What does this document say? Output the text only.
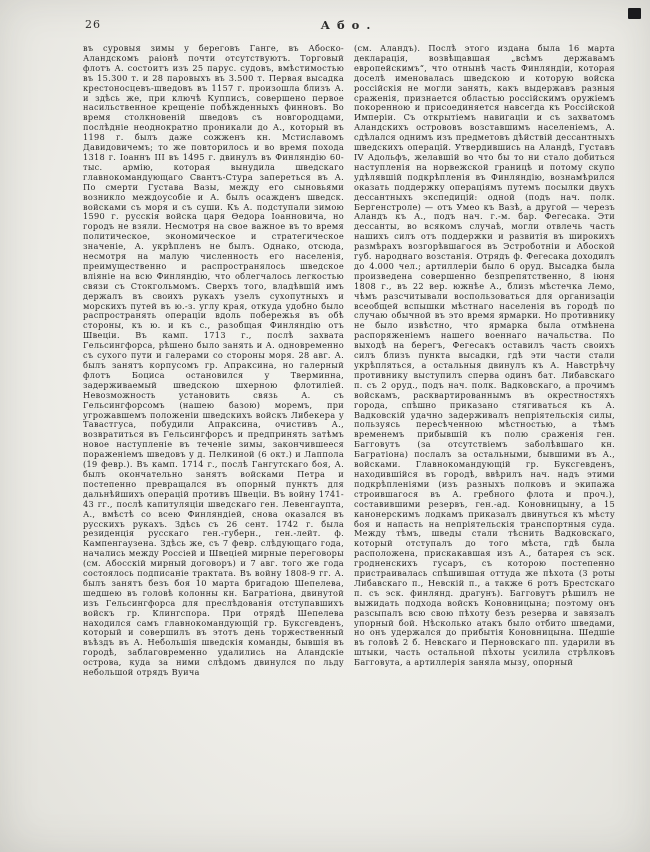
26	Або.
въ суровыя зимы у береговъ Ганге, въ Абоско-Аландскомъ раіонѣ почти отсутствуютъ. Торговый флотъ А. состоитъ изъ 25 парус. судовъ, вмѣстимостью въ 15.300 т. и 28 паровыхъ въ 3.500 т. Первая высадка крестоносцевъ-шведовъ въ 1157 г. произошла близъ А. и здѣсь же, при ключѣ Купписъ, совершено первое насильственное крещеніе побѣжденныхъ финновъ. Во время столкновеній шведовъ съ новгородцами, послѣдніе неоднократно проникали до А., который въ 1198 г. былъ даже сожженъ кн. Мстиславомъ Давидовичемъ; то же повторилось и во время похода 1318 г. Іоаннъ III въ 1495 г. двинулъ въ Финляндію 60-тыс. армію, которая вынудила шведскаго главнокомандующаго Свантъ-Стура запереться въ А. По смерти Густава Вазы, между его сыновьями возникло междоусобіе и А. былъ осажденъ шведск. войсками съ моря и съ суши. Къ А. подступали зимою 1590 г. русскія войска царя Ѳедора Іоанновича, но городъ не взяли. Несмотря на свое важное въ то время политическое, экономическое и стратегическое значеніе, А. укрѣпленъ не былъ. Однако, отсюда, несмотря на малую численность его населенія, преимущественно и распространялось шведское вліяніе на всю Финляндію, что облегчалось легкостью связи съ Стокгольмомъ. Сверхъ того, владѣвшій имъ держалъ въ своихъ рукахъ узелъ сухопутныхъ и морскихъ путей въ ю.-з. углу края, откуда удобно было распространять операціи вдоль побережья въ обѣ стороны, къ ю. и къ с., разобщая Финляндію отъ Швеціи. Въ камп. 1713 г., послѣ захвата Гельсингфорса, рѣшено было занять и А. одновременно съ сухого пути и галерами со стороны моря. 28 авг. А. былъ занятъ корпусомъ гр. Апраксина, но галерный флотъ Боциса остановился у Тверминна, задерживаемый шведскою шхерною флотиліей. Невозможность установить связь А. съ Гельсингфорсомъ (нашею базою) моремъ, при угрожавшемъ положеніи шведскихъ войскъ Либекера у Тавастгуса, побудили Апраксина, очистивъ А., возвратиться въ Гельсингфорсъ и предпринять затѣмъ новое наступленіе въ теченіе зимы, закончившееся пораженіемъ шведовъ у д. Пелкиной (6 окт.) и Лаппола (19 февр.). Въ камп. 1714 г., послѣ Гангутскаго боя, А. былъ окончательно занятъ войсками Петра и постепенно превращался въ опорный пунктъ для дальнѣйшихъ операцій противъ Швеціи. Въ войну 1741-43 гг., послѣ капитуляціи шведскаго ген. Левенгаупта, А., вмѣстѣ со всею Финляндіей, снова оказался въ русскихъ рукахъ. Здѣсь съ 26 сент. 1742 г. была резиденція русскаго ген.-губерн., ген.-лейт. ф. Кампенгаузена. Здѣсь же, съ 7 февр. слѣдующаго года, начались между Россіей и Швеціей мирные переговоры (см. Абосскій мирный договоръ) и 7 авг. того же года состоялось подписаніе трактата. Въ войну 1808-9 гг. А. былъ занятъ безъ боя 10 марта бригадою Шепелева, шедшею въ головѣ колонны кн. Багратіона, двинутой изъ Гельсингфорса для преслѣдованія отступавшихъ войскъ гр. Клингспора. При отрядѣ Шепелева находился самъ главнокомандующій гр. Буксгевденъ, который и совершилъ въ этотъ день торжественный въѣздъ въ А. Небольшія шведскія команды, бывшія въ городѣ, заблаговременно удалились на Аландскіе острова, куда за ними слѣдомъ двинулся по льду небольшой отрядъ Вуича
(см. Аландъ). Послѣ этого издана была 16 марта декларація, возвѣщавшая „всѣмъ державамъ европейскимъ“, что отнынѣ часть Финляндіи, которая доселѣ именовалась шведскою и которую войска россійскія не могли занять, какъ выдержавъ разныя сраженія, признается областью россійскимъ оружіемъ покоренною и присоединяется навсегда къ Россійской Имперіи. Съ открытіемъ навигаціи и съ захватомъ Аландскихъ острововъ возставшимъ населеніемъ, А. сдѣлался однимъ изъ предметовъ дѣйствій дессантныхъ шведскихъ операцій. Утвердившись на Аландѣ, Густавъ IV Адольфъ, желавшій во что бы то ни стало добиться наступленія на норвежской границѣ и потому скупо удѣлявшій подкрѣпленія въ Финляндію, вознамѣрился оказать поддержку операціямъ путемъ посылки двухъ дессантныхъ экспедицій: одной (подъ нач. полк. Бергенстроле) — отъ Умео къ Вазѣ, а другой — черезъ Аландъ къ А., подъ нач. г.-м. бар. Фегесака. Эти дессанты, во всякомъ случаѣ, могли отвлечь часть нашихъ силъ отъ поддержки и развитія въ широкихъ размѣрахъ возгорѣвшагося въ Эстроботніи и Абоской губ. народнаго возстанія. Отрядъ ф. Фегесака доходилъ до 4.000 чел.; артиллеріи было 6 оруд. Высадка была произведена совершенно безпрепятственно, 8 іюня 1808 г., въ 22 вер. южнѣе А., близъ мѣстечка Лемо, чѣмъ разсчитывали воспользоваться для организаціи всеобщей вспышки мѣстнаго населенія въ городѣ по случаю обычной въ это время ярмарки. Но противнику не было извѣстно, что ярмарка была отмѣнена распоряженіемъ нашего военнаго начальства. По выходѣ на берегъ, Фегесакъ оставилъ часть своихъ силъ близъ пункта высадки, гдѣ эти части стали укрѣпляться, а остальныя двинулъ къ А. Навстрѣчу противнику выступилъ сперва одинъ бат. Либавскаго п. съ 2 оруд., подъ нач. полк. Вадковскаго, а прочимъ войскамъ, расквартированнымъ въ окрестностяхъ города, спѣшно приказано стягиваться къ А. Вадковскій удачно задерживалъ непріятельскія силы, пользуясь пересѣченною мѣстностью, а тѣмъ временемъ прибывшій къ полю сраженія ген. Багговутъ (за отсутствіемъ заболѣвшаго кн. Багратіона) послалъ за остальными, бывшими въ А., войсками. Главнокомандующій гр. Буксгевденъ, находившійся въ городѣ, ввѣрилъ нач. надъ этими подкрѣпленіями (изъ разныхъ полковъ и экипажа строившагося въ А. гребного флота и проч.), составившими резервъ, ген.-ад. Коновницыну, а 15 канонерскимъ лодкамъ приказалъ двинуться къ мѣсту боя и напасть на непріятельскія транспортныя суда. Между тѣмъ, шведы стали тѣснить Вадковскаго, который отступалъ до того мѣста, гдѣ была расположена, прискакавшая изъ А., батарея съ эск. гродненскихъ гусаръ, съ которою постепенно пристраивалась спѣшившая оттуда же пѣхота (3 роты Либавскаго п., Невскій п., а также 6 ротъ Брестскаго п. съ эск. финлянд. драгунъ). Багговутъ рѣшилъ не выжидать подхода войскъ Коновницына; поэтому онъ разсыпалъ всю свою пѣхоту безъ резерва и завязалъ упорный бой. Нѣсколько атакъ было отбито шведами, но онъ удержался до прибытія Коновницына. Шедшіе въ головѣ 2 б. Невскаго и Перновскаго пп. ударили въ штыки, часть остальной пѣхоты усилила стрѣлковъ Багговута, а артиллерія заняла мызу, опорный
